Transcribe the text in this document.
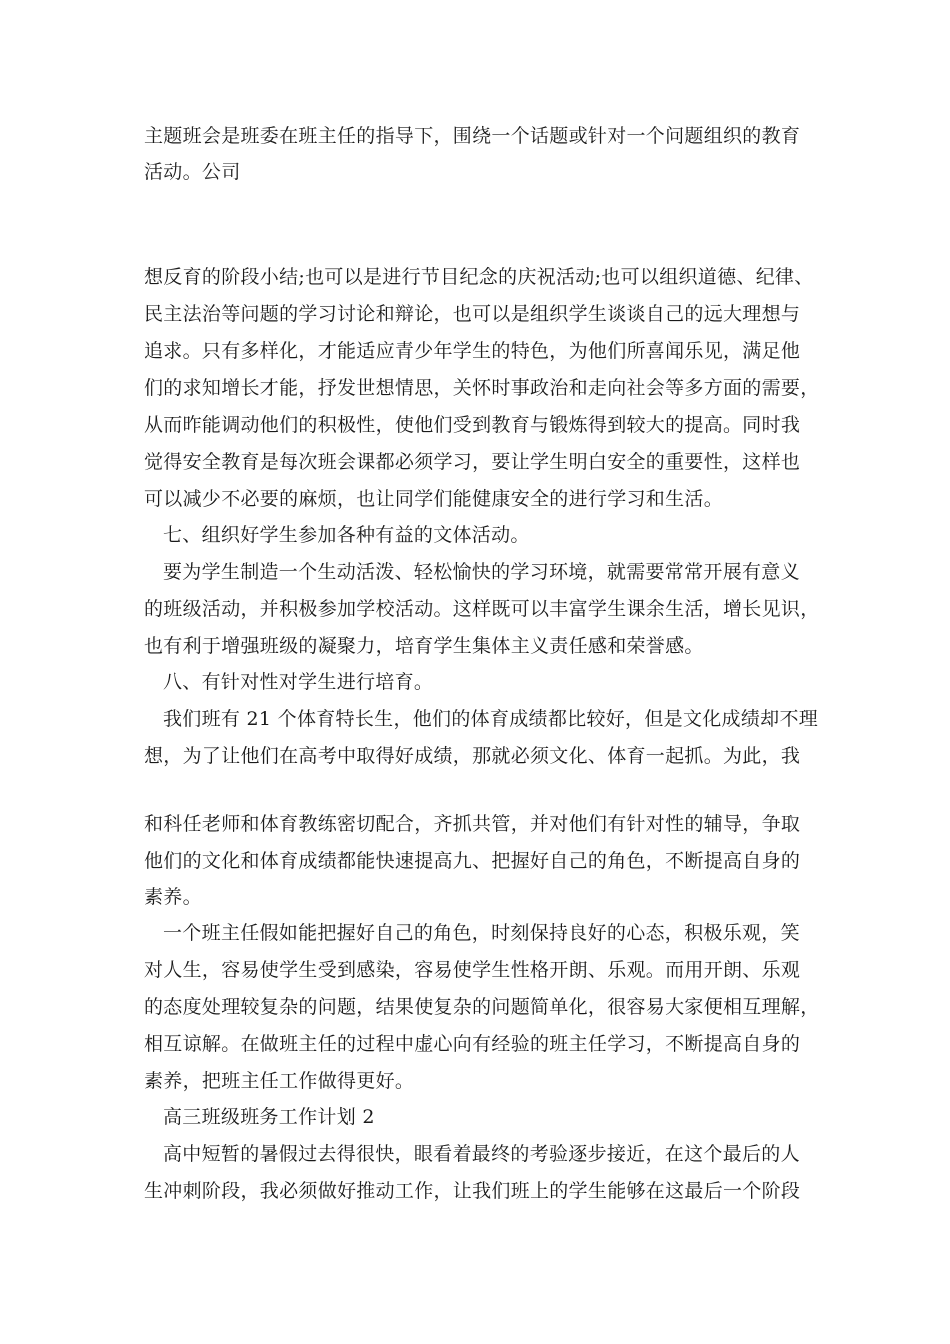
主题班会是班委在班主任的指导下，围绕一个话题或针对一个问题组织的教育
活动。公司
想反育的阶段小结;也可以是进行节目纪念的庆祝活动;也可以组织道德、纪律、
民主法治等问题的学习讨论和辩论，也可以是组织学生谈谈自己的远大理想与
追求。只有多样化，才能适应青少年学生的特色，为他们所喜闻乐见，满足他
们的求知增长才能，抒发世想情思，关怀时事政治和走向社会等多方面的需要，
从而昨能调动他们的积极性，使他们受到教育与锻炼得到较大的提高。同时我
觉得安全教育是每次班会课都必须学习，要让学生明白安全的重要性，这样也
可以减少不必要的麻烦，也让同学们能健康安全的进行学习和生活。
七、组织好学生参加各种有益的文体活动。
要为学生制造一个生动活泼、轻松愉快的学习环境，就需要常常开展有意义
的班级活动，并积极参加学校活动。这样既可以丰富学生课余生活，增长见识，
也有利于增强班级的凝聚力，培育学生集体主义责任感和荣誉感。
八、有针对性对学生进行培育。
我们班有 21 个体育特长生，他们的体育成绩都比较好，但是文化成绩却不理
想，为了让他们在高考中取得好成绩，那就必须文化、体育一起抓。为此，我
和科任老师和体育教练密切配合，齐抓共管，并对他们有针对性的辅导，争取
他们的文化和体育成绩都能快速提高九、把握好自己的角色，不断提高自身的
素养。
一个班主任假如能把握好自己的角色，时刻保持良好的心态，积极乐观，笑
对人生，容易使学生受到感染，容易使学生性格开朗、乐观。而用开朗、乐观
的态度处理较复杂的问题，结果使复杂的问题简单化，很容易大家便相互理解，
相互谅解。在做班主任的过程中虚心向有经验的班主任学习，不断提高自身的
素养，把班主任工作做得更好。
高三班级班务工作计划 2
高中短暂的暑假过去得很快，眼看着最终的考验逐步接近，在这个最后的人
生冲刺阶段，我必须做好推动工作，让我们班上的学生能够在这最后一个阶段
